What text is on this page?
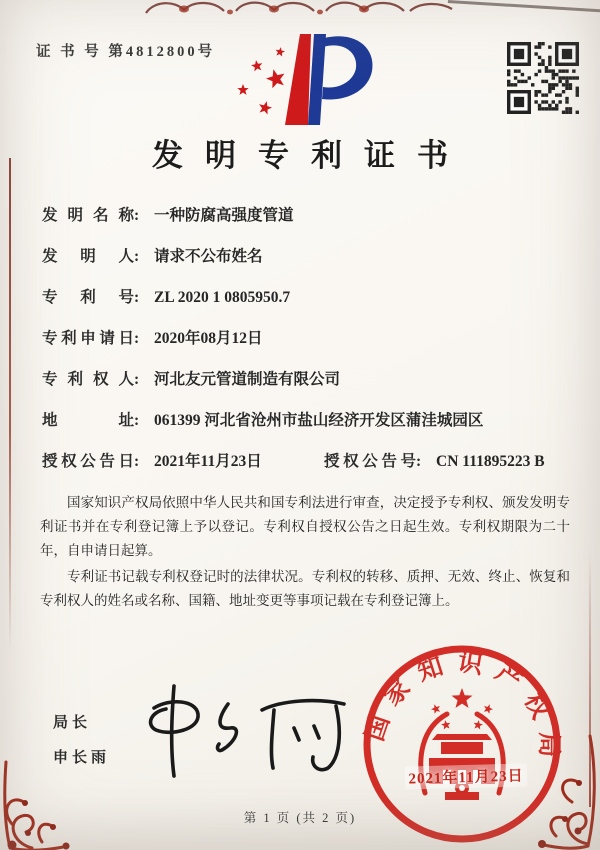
证 书 号 第4812800号
发明专利证书
发明名称: 一种防腐高强度管道
发明人: 请求不公布姓名
专利号: ZL 2020 1 0805950.7
专利申请日: 2020年08月12日
专利权人: 河北友元管道制造有限公司
地址: 061399 河北省沧州市盐山经济开发区蒲洼城园区
授权公告日: 2021年11月23日	授权公告号: CN 111895223 B

国家知识产权局依照中华人民共和国专利法进行审查，决定授予专利权、颁发发明专利证书并在专利登记簿上予以登记。专利权自授权公告之日起生效。专利权期限为二十年，自申请日起算。

专利证书记载专利权登记时的法律状况。专利权的转移、质押、无效、终止、恢复和专利权人的姓名或名称、国籍、地址变更等事项记载在专利登记簿上。

局长
申长雨
国家知识产权局
2021年11月23日
第 1 页 (共 2 页)
